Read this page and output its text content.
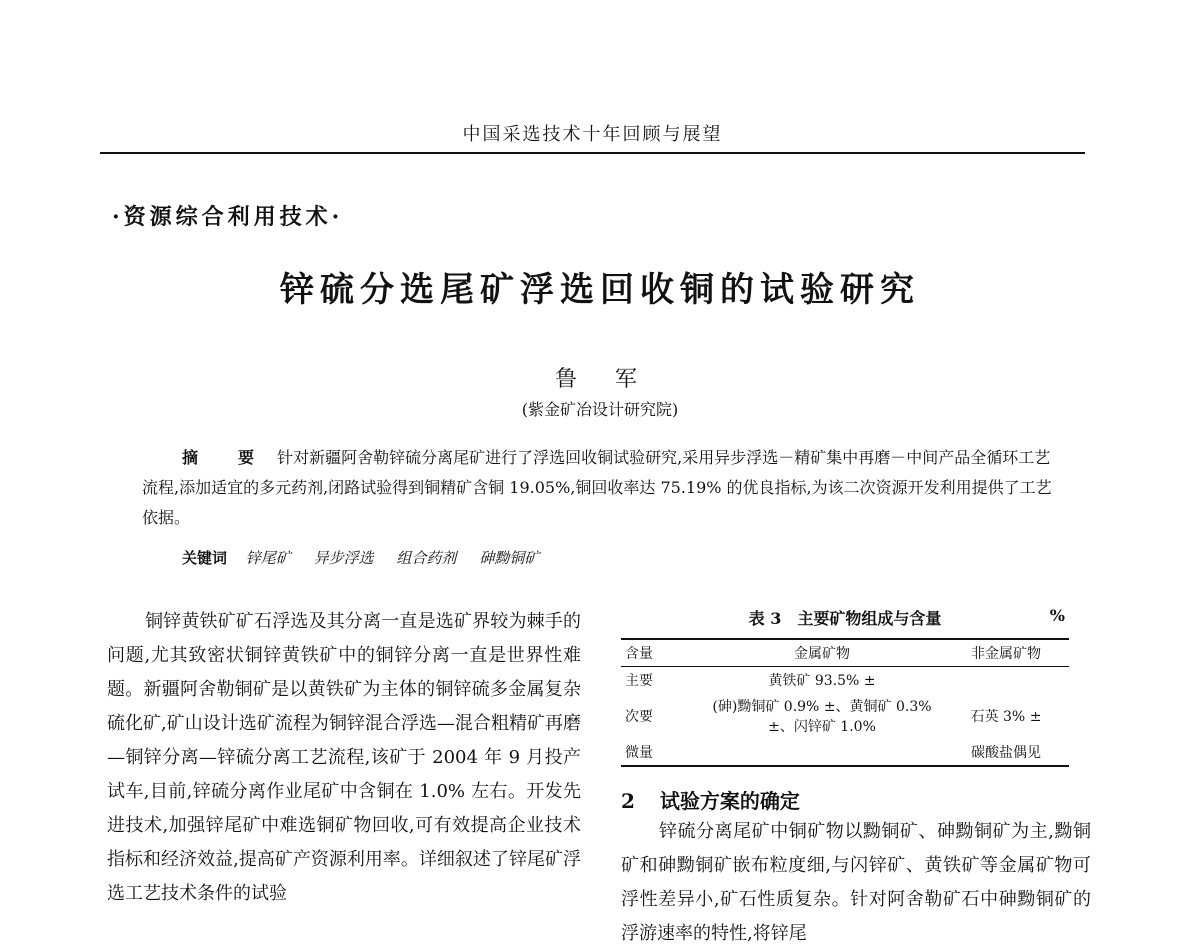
中国采选技术十年回顾与展望
·资源综合利用技术·
锌硫分选尾矿浮选回收铜的试验研究
鲁　军
(紫金矿冶设计研究院)
摘　要 针对新疆阿舍勒锌硫分离尾矿进行了浮选回收铜试验研究,采用异步浮选－精矿集中再磨－中间产品全循环工艺流程,添加适宜的多元药剂,闭路试验得到铜精矿含铜 19.05%,铜回收率达 75.19% 的优良指标,为该二次资源开发利用提供了工艺依据。
关键词 锌尾矿 异步浮选 组合药剂 砷黝铜矿
铜锌黄铁矿矿石浮选及其分离一直是选矿界较为棘手的问题,尤其致密状铜锌黄铁矿中的铜锌分离一直是世界性难题。新疆阿舍勒铜矿是以黄铁矿为主体的铜锌硫多金属复杂硫化矿,矿山设计选矿流程为铜锌混合浮选—混合粗精矿再磨—铜锌分离—锌硫分离工艺流程,该矿于 2004 年 9 月投产试车,目前,锌硫分离作业尾矿中含铜在 1.0% 左右。开发先进技术,加强锌尾矿中难选铜矿物回收,可有效提高企业技术指标和经济效益,提高矿产资源利用率。详细叙述了锌尾矿浮选工艺技术条件的试验
表 3　主要矿物组成与含量	%
含量	金属矿物	非金属矿物
主要	黄铁矿 93.5% ±	
次要	(砷)黝铜矿 0.9% ±、黄铜矿 0.3% ±、闪锌矿 1.0%	石英 3% ±
微量		碳酸盐偶见
2 试验方案的确定
锌硫分离尾矿中铜矿物以黝铜矿、砷黝铜矿为主,黝铜矿和砷黝铜矿嵌布粒度细,与闪锌矿、黄铁矿等金属矿物可浮性差异小,矿石性质复杂。针对阿舍勒矿石中砷黝铜矿的浮游速率的特性,将锌尾
